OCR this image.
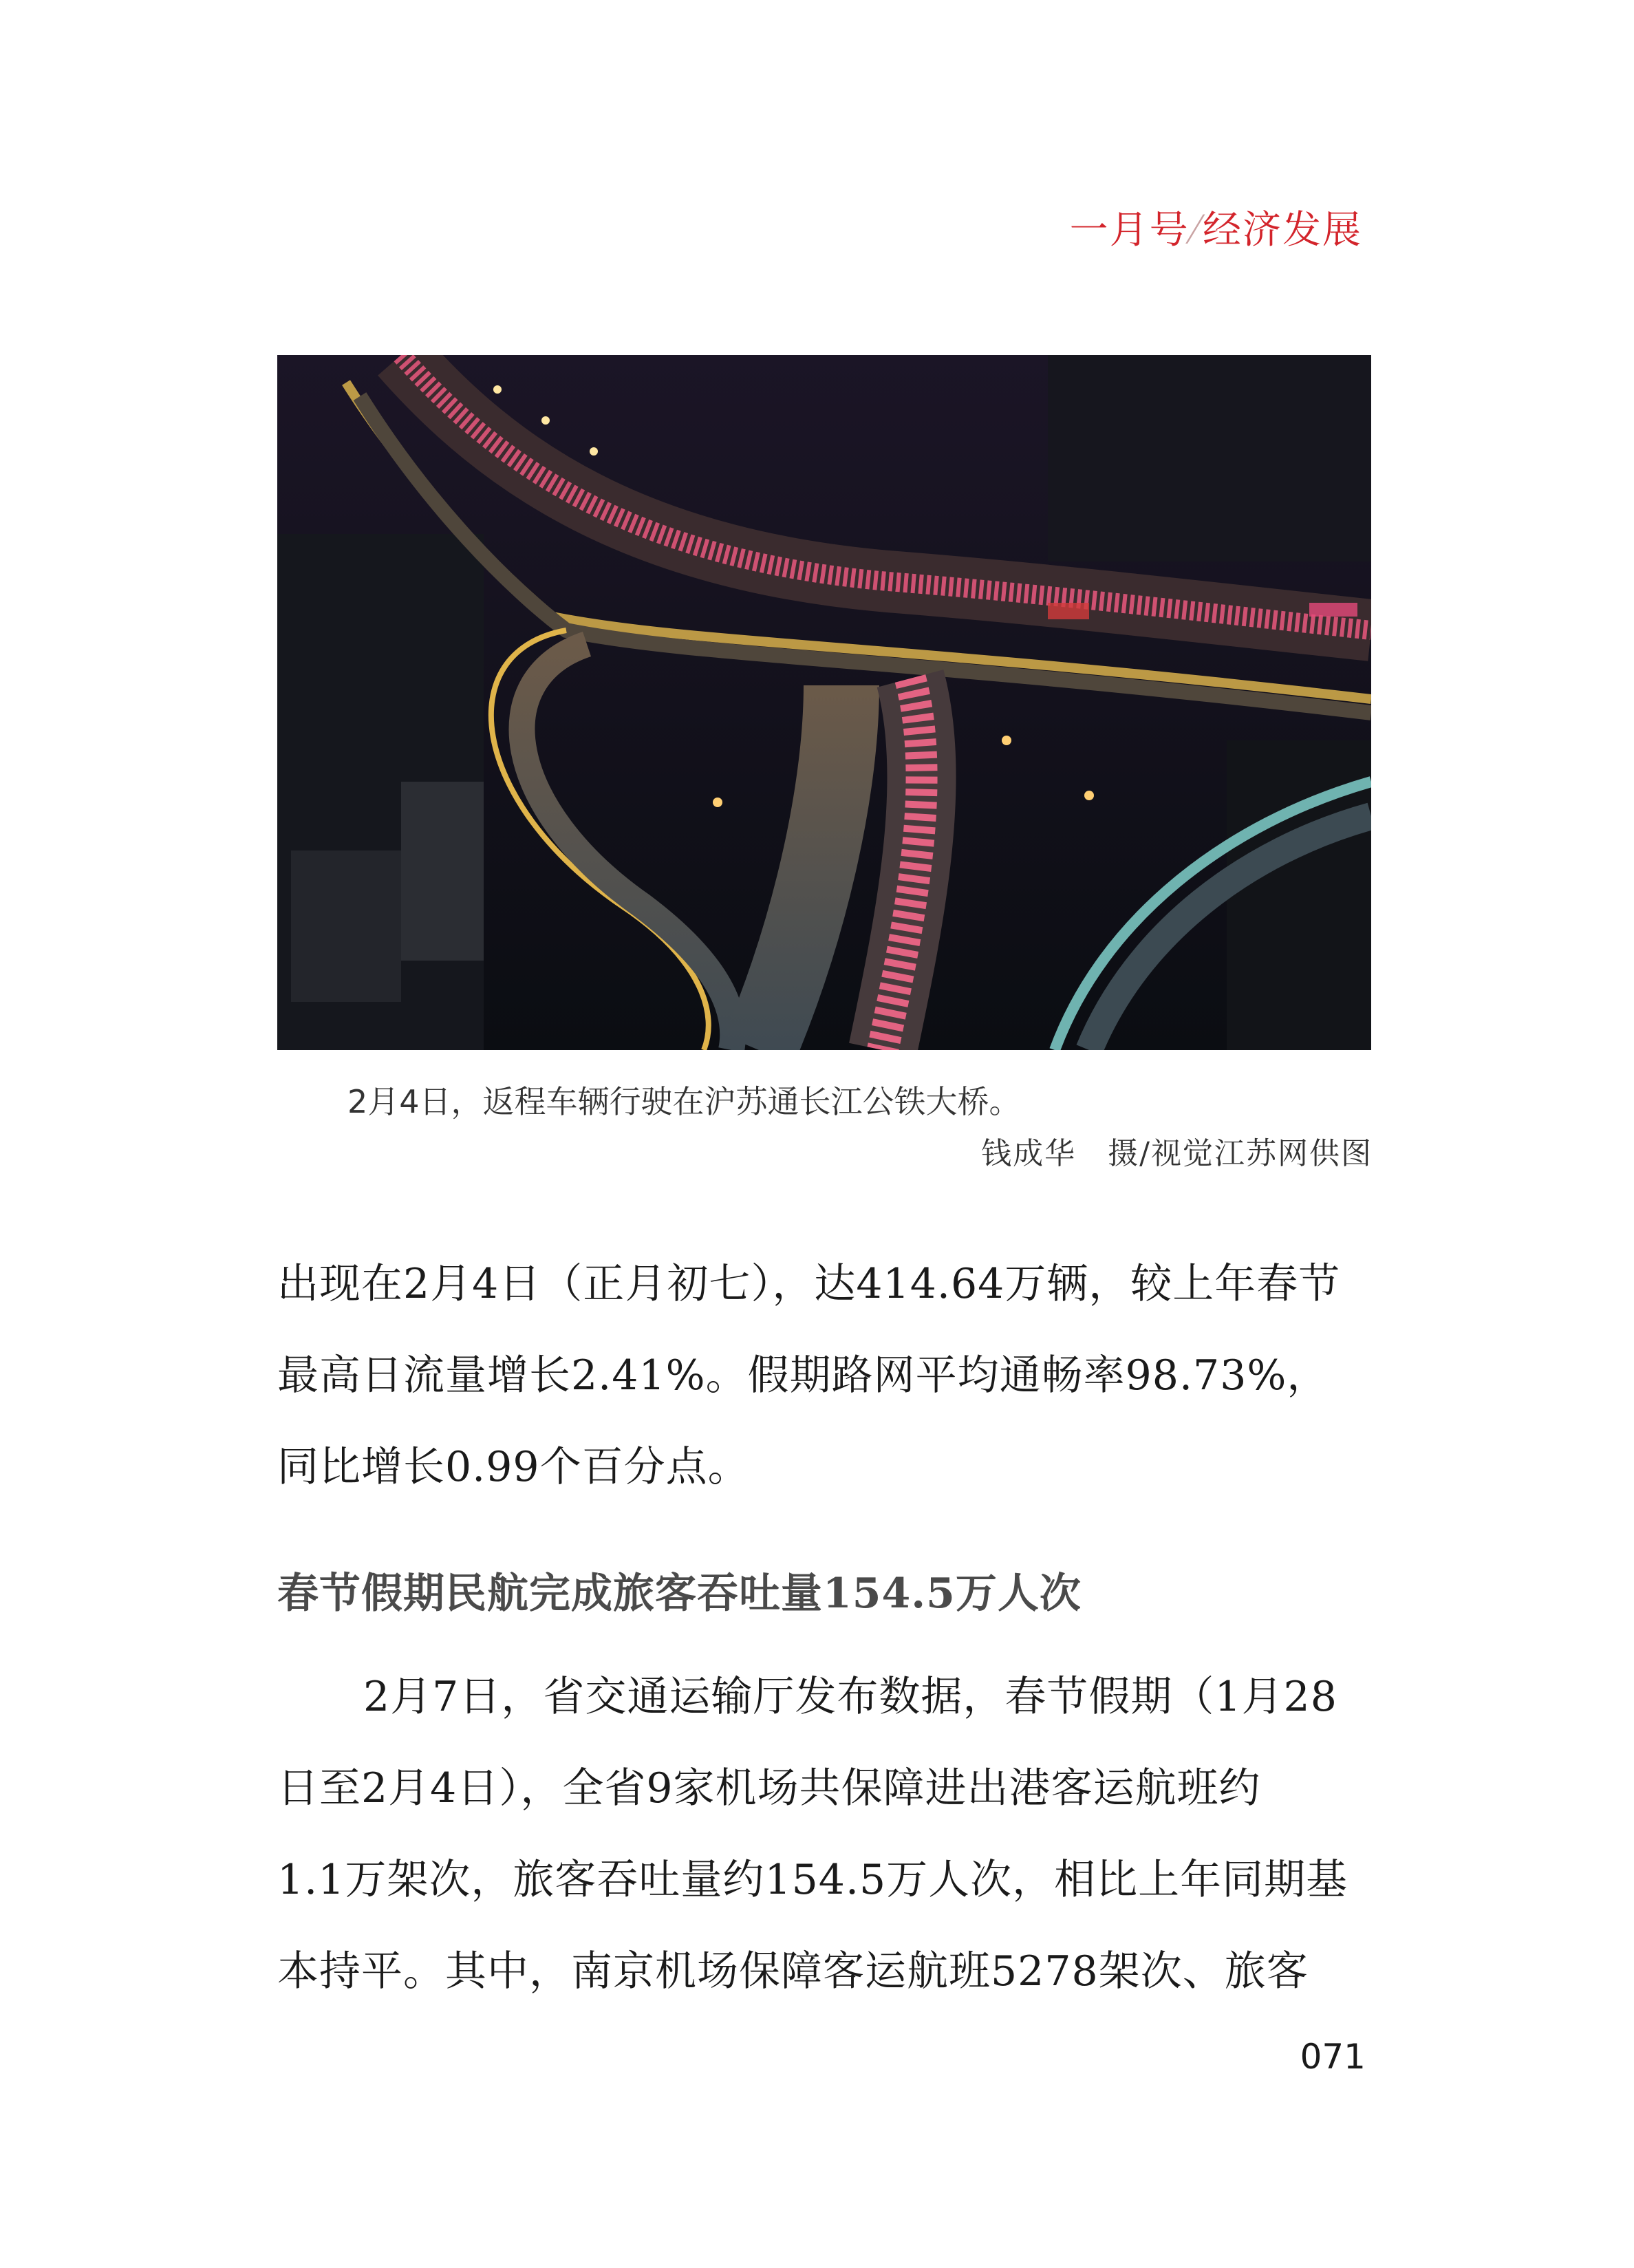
一月号⁄经济发展
2月4日，返程车辆行驶在沪苏通长江公铁大桥。
钱成华　摄/视觉江苏网供图
出现在2月4日（正月初七），达414.64万辆，较上年春节
最高日流量增长2.41%。假期路网平均通畅率98.73%，
同比增长0.99个百分点。
春节假期民航完成旅客吞吐量154.5万人次
2月7日，省交通运输厅发布数据，春节假期（1月28
日至2月4日），全省9家机场共保障进出港客运航班约
1.1万架次，旅客吞吐量约154.5万人次，相比上年同期基
本持平。其中，南京机场保障客运航班5278架次、旅客
071
